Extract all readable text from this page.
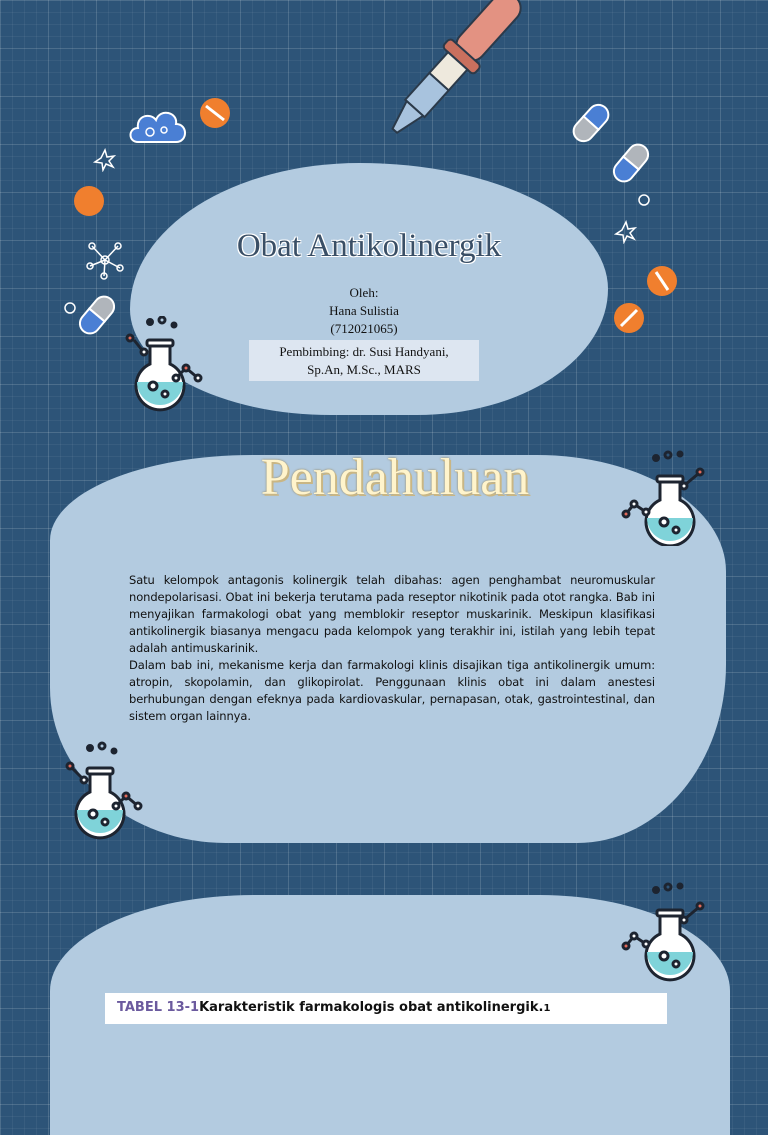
Obat Antikolinergik
Oleh:
Hana Sulistia
(712021065)
Pembimbing: dr. Susi Handyani,
Sp.An, M.Sc., MARS
Pendahuluan

Satu kelompok antagonis kolinergik telah dibahas: agen penghambat neuromuskular nondepolarisasi. Obat ini bekerja terutama pada reseptor nikotinik pada otot rangka. Bab ini menyajikan farmakologi obat yang memblokir reseptor muskarinik. Meskipun klasifikasi antikolinergik biasanya mengacu pada kelompok yang terakhir ini, istilah yang lebih tepat adalah antimuskarinik.

Dalam bab ini, mekanisme kerja dan farmakologi klinis disajikan tiga antikolinergik umum: atropin, skopolamin, dan glikopirolat. Penggunaan klinis obat ini dalam anestesi berhubungan dengan efeknya pada kardiovaskular, pernapasan, otak, gastrointestinal, dan sistem organ lainnya.

TABEL 13-1Karakteristik farmakologis obat antikolinergik.1
